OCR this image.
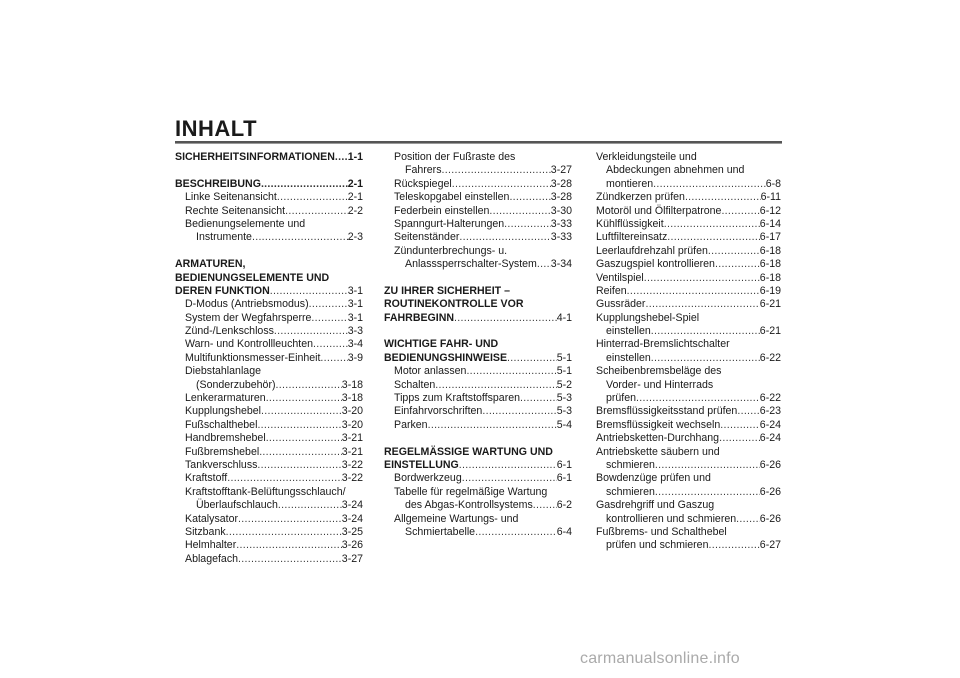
INHALT
SICHERHEITSINFORMATIONEN ..... 1-1
BESCHREIBUNG .....	2-1
Linke Seitenansicht .....	2-1
Rechte Seitenansicht .....	2-2
Bedienungselemente und
Instrumente .....	2-3
ARMATUREN,
BEDIENUNGSELEMENTE UND
DEREN FUNKTION .....	3-1
D-Modus (Antriebsmodus) .....	3-1
System der Wegfahrsperre .....	3-1
Zünd-/Lenkschloss .....	3-3
Warn- und Kontrollleuchten .....	3-4
Multifunktionsmesser-Einheit .....	3-9
Diebstahlanlage
(Sonderzubehör) .....	3-18
Lenkerarmaturen .....	3-18
Kupplungshebel .....	3-20
Fußschalthebel .....	3-20
Handbremshebel .....	3-21
Fußbremshebel .....	3-21
Tankverschluss .....	3-22
Kraftstoff .....	3-22
Kraftstofftank-Belüftungsschlauch/
Überlaufschlauch .....	3-24
Katalysator .....	3-24
Sitzbank .....	3-25
Helmhalter .....	3-26
Ablagefach .....	3-27
Position der Fußraste des
Fahrers .....	3-27
Rückspiegel .....	3-28
Teleskopgabel einstellen .....	3-28
Federbein einstellen .....	3-30
Spanngurt-Halterungen .....	3-33
Seitenständer .....	3-33
Zündunterbrechungs- u.
Anlasssperrschalter-System ..... 3-34
ZU IHRER SICHERHEIT –
ROUTINEKONTROLLE VOR
FAHRBEGINN .....	4-1
WICHTIGE FAHR- UND
BEDIENUNGSHINWEISE .....	5-1
Motor anlassen .....	5-1
Schalten .....	5-2
Tipps zum Kraftstoffsparen .....	5-3
Einfahrvorschriften .....	5-3
Parken .....	5-4
REGELMÄSSIGE WARTUNG UND
EINSTELLUNG .....	6-1
Bordwerkzeug .....	6-1
Tabelle für regelmäßige Wartung
des Abgas-Kontrollsystems ..... 6-2
Allgemeine Wartungs- und
Schmiertabelle .....	6-4
Verkleidungsteile und
Abdeckungen abnehmen und
montieren .....	6-8
Zündkerzen prüfen .....	6-11
Motoröl und Ölfilterpatrone .....	6-12
Kühlflüssigkeit .....	6-14
Luftfiltereinsatz .....	6-17
Leerlaufdrehzahl prüfen .....	6-18
Gaszugspiel kontrollieren .....	6-18
Ventilspiel .....	6-18
Reifen .....	6-19
Gussräder .....	6-21
Kupplungshebel-Spiel
einstellen .....	6-21
Hinterrad-Bremslichtschalter
einstellen .....	6-22
Scheibenbremsbeläge des
Vorder- und Hinterrads
prüfen .....	6-22
Bremsflüssigkeitsstand prüfen ..... 6-23
Bremsflüssigkeit wechseln .....	6-24
Antriebsketten-Durchhang .....	6-24
Antriebskette säubern und
schmieren .....	6-26
Bowdenzüge prüfen und
schmieren .....	6-26
Gasdrehgriff und Gaszug
kontrollieren und schmieren ..... 6-26
Fußbrems- und Schalthebel
prüfen und schmieren .....	6-27
carmanualsonline.info
